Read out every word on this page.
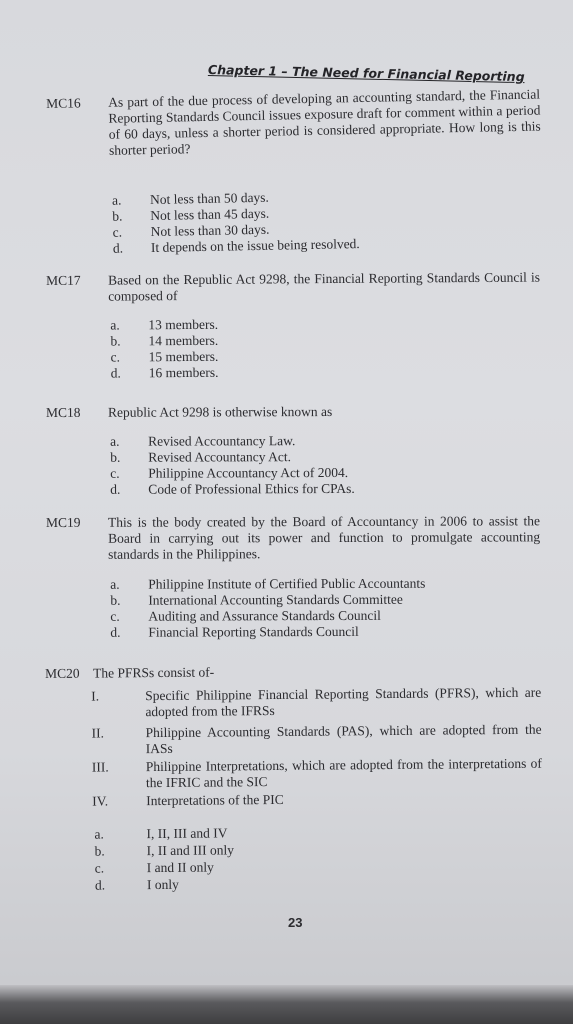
Chapter 1 – The Need for Financial Reporting
MC16 As part of the due process of developing an accounting standard, the Financial Reporting Standards Council issues exposure draft for comment within a period of 60 days, unless a shorter period is considered appropriate. How long is this shorter period?
a. Not less than 50 days.
b. Not less than 45 days.
c. Not less than 30 days.
d. It depends on the issue being resolved.
MC17 Based on the Republic Act 9298, the Financial Reporting Standards Council is composed of
a. 13 members.
b. 14 members.
c. 15 members.
d. 16 members.
MC18 Republic Act 9298 is otherwise known as
a. Revised Accountancy Law.
b. Revised Accountancy Act.
c. Philippine Accountancy Act of 2004.
d. Code of Professional Ethics for CPAs.
MC19 This is the body created by the Board of Accountancy in 2006 to assist the Board in carrying out its power and function to promulgate accounting standards in the Philippines.
a. Philippine Institute of Certified Public Accountants
b. International Accounting Standards Committee
c. Auditing and Assurance Standards Council
d. Financial Reporting Standards Council
MC20 The PFRSs consist of-
I.	Specific Philippine Financial Reporting Standards (PFRS), which are adopted from the IFRSs
II.	Philippine Accounting Standards (PAS), which are adopted from the IASs
III.	Philippine Interpretations, which are adopted from the interpretations of the IFRIC and the SIC
IV.	Interpretations of the PIC
a.	I, II, III and IV
b.	I, II and III only
c.	I and II only
d.	I only
23
